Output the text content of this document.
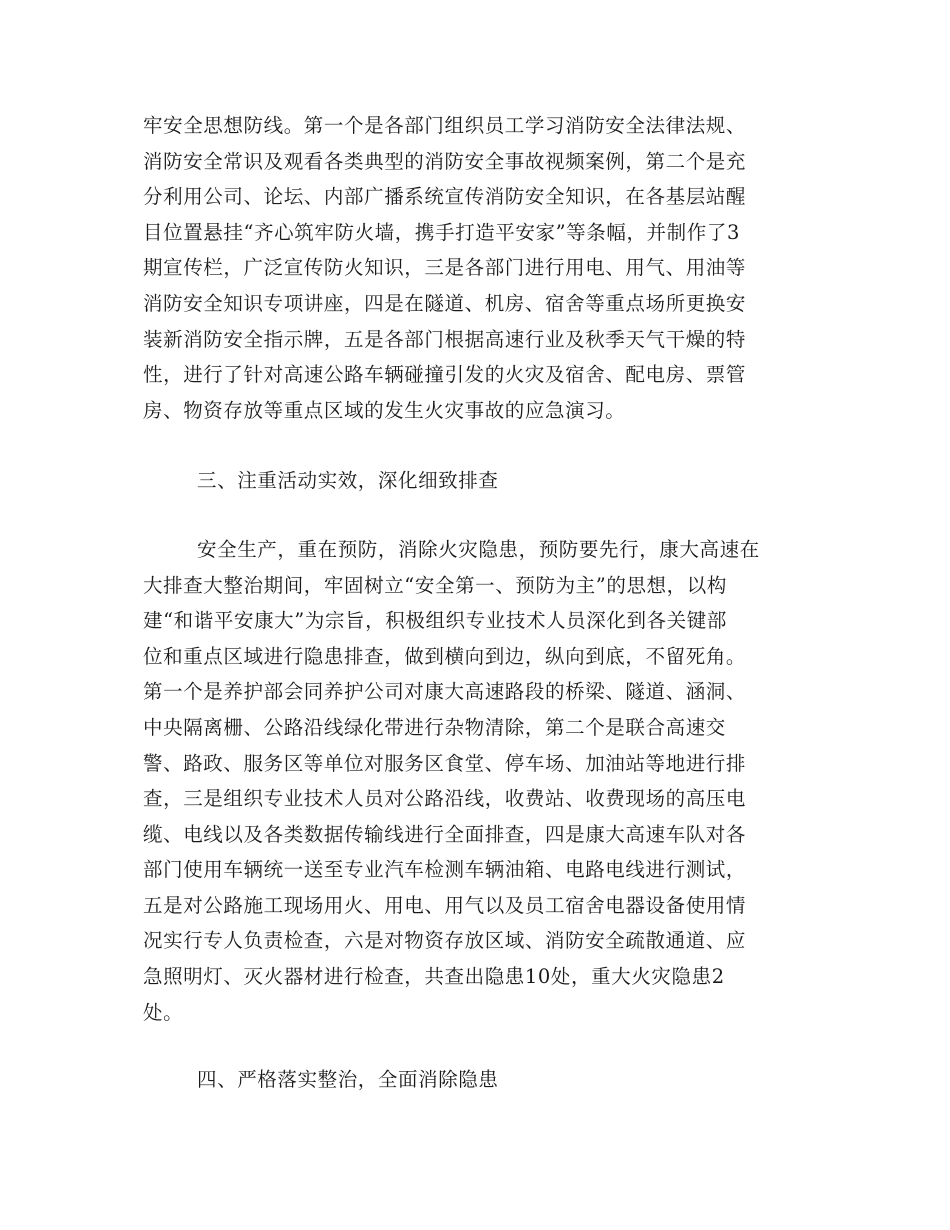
牢安全思想防线。第一个是各部门组织员工学习消防安全法律法规、
消防安全常识及观看各类典型的消防安全事故视频案例，第二个是充
分利用公司、论坛、内部广播系统宣传消防安全知识，在各基层站醒
目位置悬挂“齐心筑牢防火墙，携手打造平安家”等条幅，并制作了3
期宣传栏，广泛宣传防火知识，三是各部门进行用电、用气、用油等
消防安全知识专项讲座，四是在隧道、机房、宿舍等重点场所更换安
装新消防安全指示牌，五是各部门根据高速行业及秋季天气干燥的特
性，进行了针对高速公路车辆碰撞引发的火灾及宿舍、配电房、票管
房、物资存放等重点区域的发生火灾事故的应急演习。
三、注重活动实效，深化细致排查
安全生产，重在预防，消除火灾隐患，预防要先行，康大高速在
大排查大整治期间，牢固树立“安全第一、预防为主”的思想，以构
建“和谐平安康大”为宗旨，积极组织专业技术人员深化到各关键部
位和重点区域进行隐患排查，做到横向到边，纵向到底，不留死角。
第一个是养护部会同养护公司对康大高速路段的桥梁、隧道、涵洞、
中央隔离栅、公路沿线绿化带进行杂物清除，第二个是联合高速交
警、路政、服务区等单位对服务区食堂、停车场、加油站等地进行排
查，三是组织专业技术人员对公路沿线，收费站、收费现场的高压电
缆、电线以及各类数据传输线进行全面排查，四是康大高速车队对各
部门使用车辆统一送至专业汽车检测车辆油箱、电路电线进行测试，
五是对公路施工现场用火、用电、用气以及员工宿舍电器设备使用情
况实行专人负责检查，六是对物资存放区域、消防安全疏散通道、应
急照明灯、灭火器材进行检查，共查出隐患10处，重大火灾隐患2
处。
四、严格落实整治，全面消除隐患
